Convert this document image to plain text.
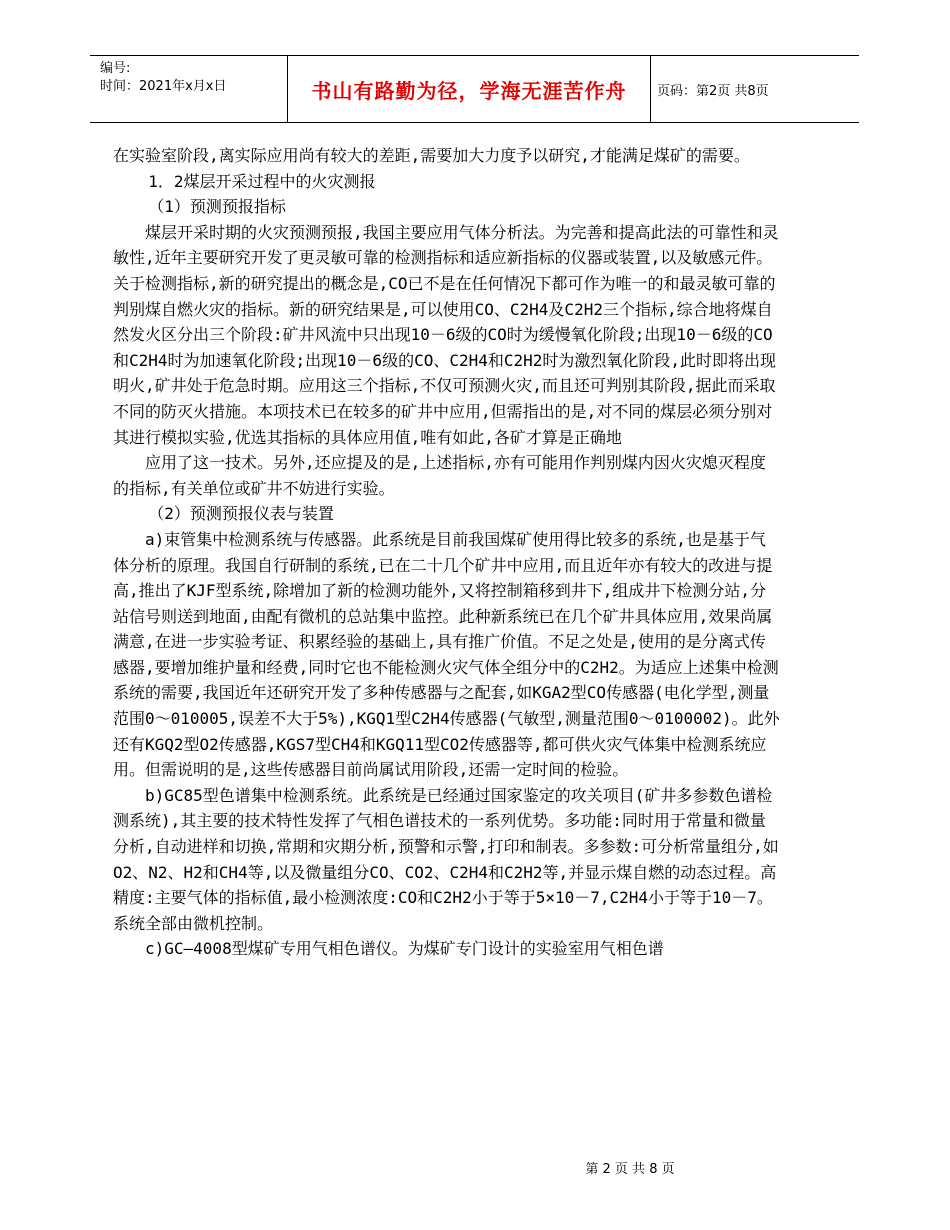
编号:
时间：2021年x月x日	书山有路勤为径，学海无涯苦作舟	页码：第2页 共8页

在实验室阶段,离实际应用尚有较大的差距,需要加大力度予以研究,才能满足煤矿的需要。

1．2煤层开采过程中的火灾测报

（1）预测预报指标

煤层开采时期的火灾预测预报,我国主要应用气体分析法。为完善和提高此法的可靠性和灵敏性,近年主要研究开发了更灵敏可靠的检测指标和适应新指标的仪器或装置,以及敏感元件。关于检测指标,新的研究提出的概念是,CO已不是在任何情况下都可作为唯一的和最灵敏可靠的判别煤自燃火灾的指标。新的研究结果是,可以使用CO、C2H4及C2H2三个指标,综合地将煤自然发火区分出三个阶段:矿井风流中只出现10－6级的CO时为缓慢氧化阶段;出现10－6级的CO和C2H4时为加速氧化阶段;出现10－6级的CO、C2H4和C2H2时为激烈氧化阶段,此时即将出现明火,矿井处于危急时期。应用这三个指标,不仅可预测火灾,而且还可判别其阶段,据此而采取不同的防灭火措施。本项技术已在较多的矿井中应用,但需指出的是,对不同的煤层必须分别对其进行模拟实验,优选其指标的具体应用值,唯有如此,各矿才算是正确地

应用了这一技术。另外,还应提及的是,上述指标,亦有可能用作判别煤内因火灾熄灭程度的指标,有关单位或矿井不妨进行实验。

（2）预测预报仪表与装置

a)束管集中检测系统与传感器。此系统是目前我国煤矿使用得比较多的系统,也是基于气体分析的原理。我国自行研制的系统,已在二十几个矿井中应用,而且近年亦有较大的改进与提高,推出了KJF型系统,除增加了新的检测功能外,又将控制箱移到井下,组成井下检测分站,分站信号则送到地面,由配有微机的总站集中监控。此种新系统已在几个矿井具体应用,效果尚属满意,在进一步实验考证、积累经验的基础上,具有推广价值。不足之处是,使用的是分离式传感器,要增加维护量和经费,同时它也不能检测火灾气体全组分中的C2H2。为适应上述集中检测系统的需要,我国近年还研究开发了多种传感器与之配套,如KGA2型CO传感器(电化学型,测量范围0～010005,误差不大于5%),KGQ1型C2H4传感器(气敏型,测量范围0～0100002)。此外还有KGQ2型O2传感器,KGS7型CH4和KGQ11型CO2传感器等,都可供火灾气体集中检测系统应用。但需说明的是,这些传感器目前尚属试用阶段,还需一定时间的检验。

b)GC85型色谱集中检测系统。此系统是已经通过国家鉴定的攻关项目(矿井多参数色谱检测系统),其主要的技术特性发挥了气相色谱技术的一系列优势。多功能:同时用于常量和微量分析,自动进样和切换,常期和灾期分析,预警和示警,打印和制表。多参数:可分析常量组分,如O2、N2、H2和CH4等,以及微量组分CO、CO2、C2H4和C2H2等,并显示煤自燃的动态过程。高精度:主要气体的指标值,最小检测浓度:CO和C2H2小于等于5×10－7,C2H4小于等于10－7。系统全部由微机控制。

c)GC—4008型煤矿专用气相色谱仪。为煤矿专门设计的实验室用气相色谱

第 2 页 共 8 页
